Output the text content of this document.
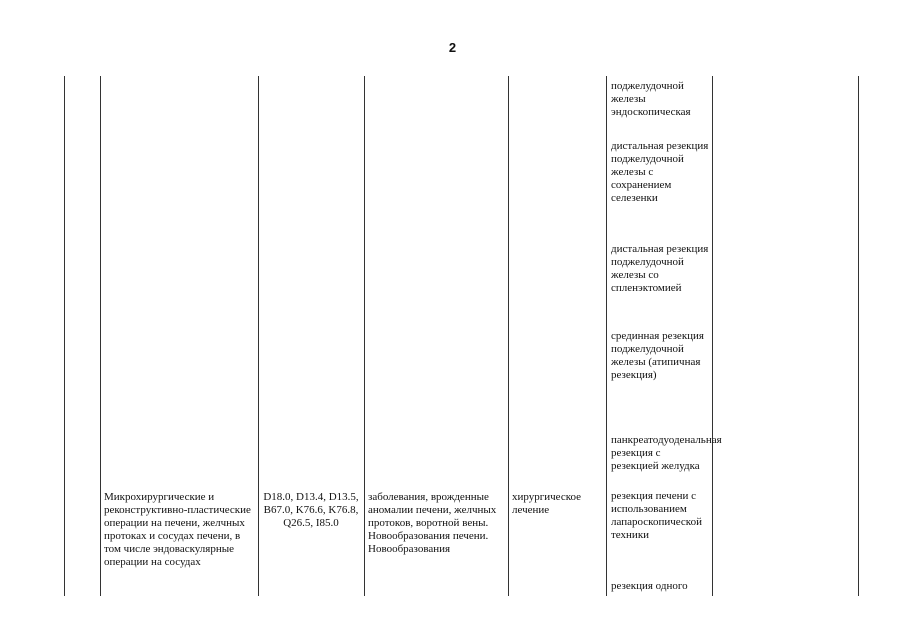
2
Микрохирургические и реконструктивно-пластические операции на печени, желчных протоках и сосудах печени, в том числе эндоваскулярные операции на сосудах
D18.0, D13.4, D13.5, B67.0, K76.6, K76.8, Q26.5, I85.0
заболевания, врожденные аномалии печени, желчных протоков, воротной вены. Новообразования печени. Новообразования
хирургическое лечение
поджелудочной железы эндоскопическая
дистальная резекция поджелудочной железы с сохранением селезенки
дистальная резекция поджелудочной железы со спленэктомией
срединная резекция поджелудочной железы (атипичная резекция)
панкреатодуоденальная резекция с резекцией желудка
резекция печени с использованием лапароскопической техники
резекция одного
